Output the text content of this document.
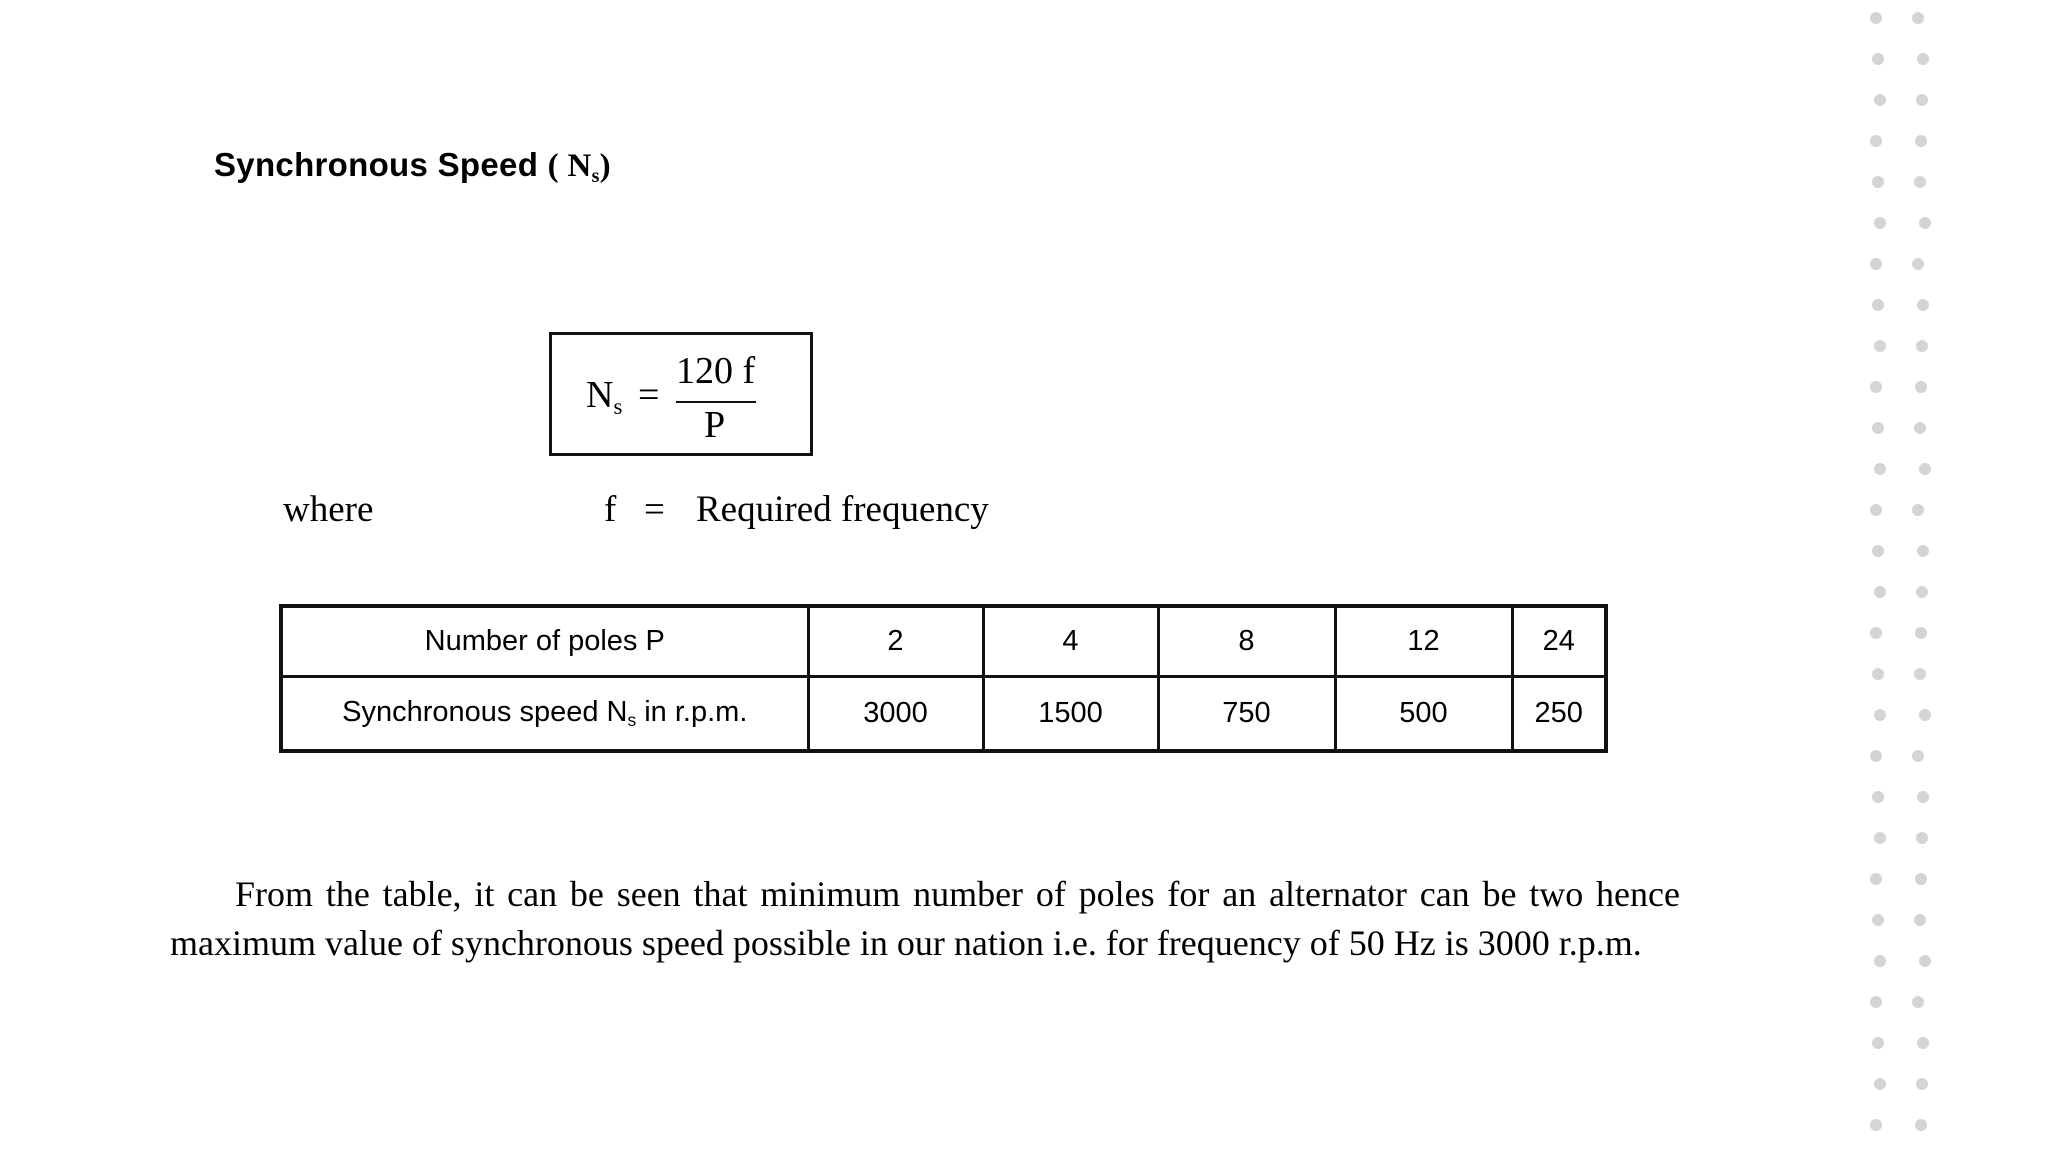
Synchronous Speed ( $N_s$)
$N_s$ =
120 f
P
where	f = Required frequency
Number of poles P	2	4	8	12	24
Synchronous speed $N_s$ in r.p.m.	3000	1500	750	500	250

From the table, it can be seen that minimum number of poles for an alternator can be two hence maximum value of synchronous speed possible in our nation i.e. for frequency of 50 Hz is 3000 r.p.m.
